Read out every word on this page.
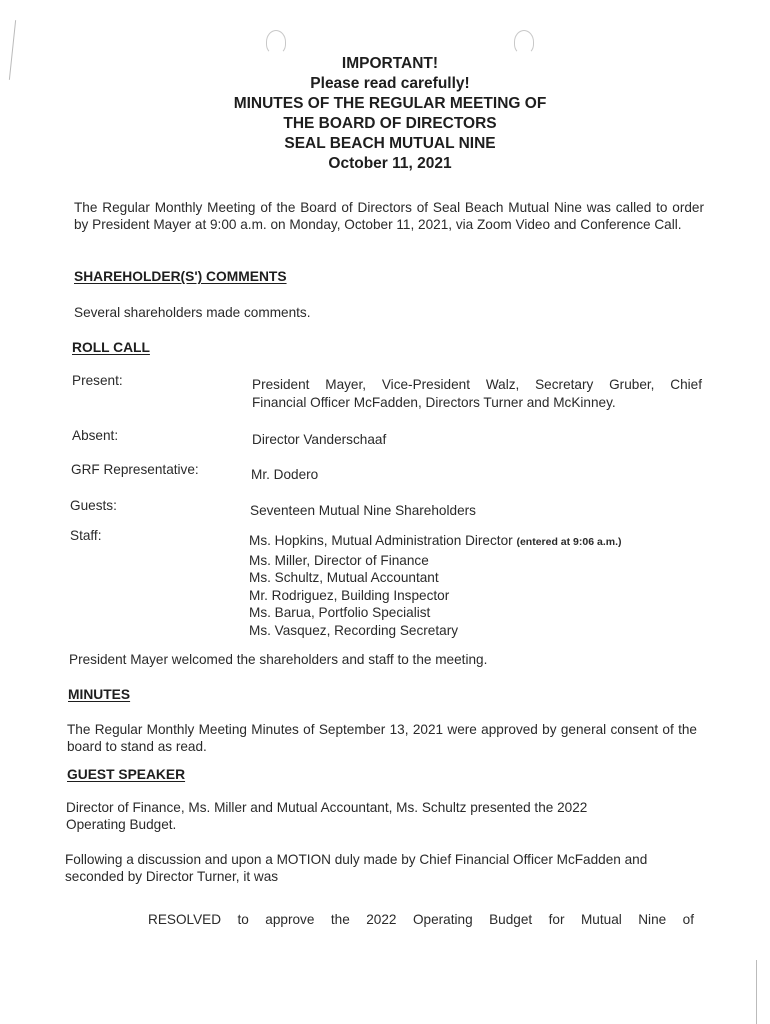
IMPORTANT!
Please read carefully!
MINUTES OF THE REGULAR MEETING OF
THE BOARD OF DIRECTORS
SEAL BEACH MUTUAL NINE
October 11, 2021

The Regular Monthly Meeting of the Board of Directors of Seal Beach Mutual Nine was called to order by President Mayer at 9:00 a.m. on Monday, October 11, 2021, via Zoom Video and Conference Call.

SHAREHOLDER(S') COMMENTS

Several shareholders made comments.

ROLL CALL
Present:	President Mayer, Vice-President Walz, Secretary Gruber, Chief
Financial Officer McFadden, Directors Turner and McKinney.
Absent:	Director Vanderschaaf
GRF Representative:	Mr. Dodero
Guests:	Seventeen Mutual Nine Shareholders
Staff:	Ms. Hopkins, Mutual Administration Director (entered at 9:06 a.m.)
Ms. Miller, Director of Finance
Ms. Schultz, Mutual Accountant
Mr. Rodriguez, Building Inspector
Ms. Barua, Portfolio Specialist
Ms. Vasquez, Recording Secretary

President Mayer welcomed the shareholders and staff to the meeting.

MINUTES

The Regular Monthly Meeting Minutes of September 13, 2021 were approved by general consent of the board to stand as read.

GUEST SPEAKER

Director of Finance, Ms. Miller and Mutual Accountant, Ms. Schultz presented the 2022
Operating Budget.

Following a discussion and upon a MOTION duly made by Chief Financial Officer McFadden and seconded by Director Turner, it was

RESOLVED to approve the 2022 Operating Budget for Mutual Nine of
